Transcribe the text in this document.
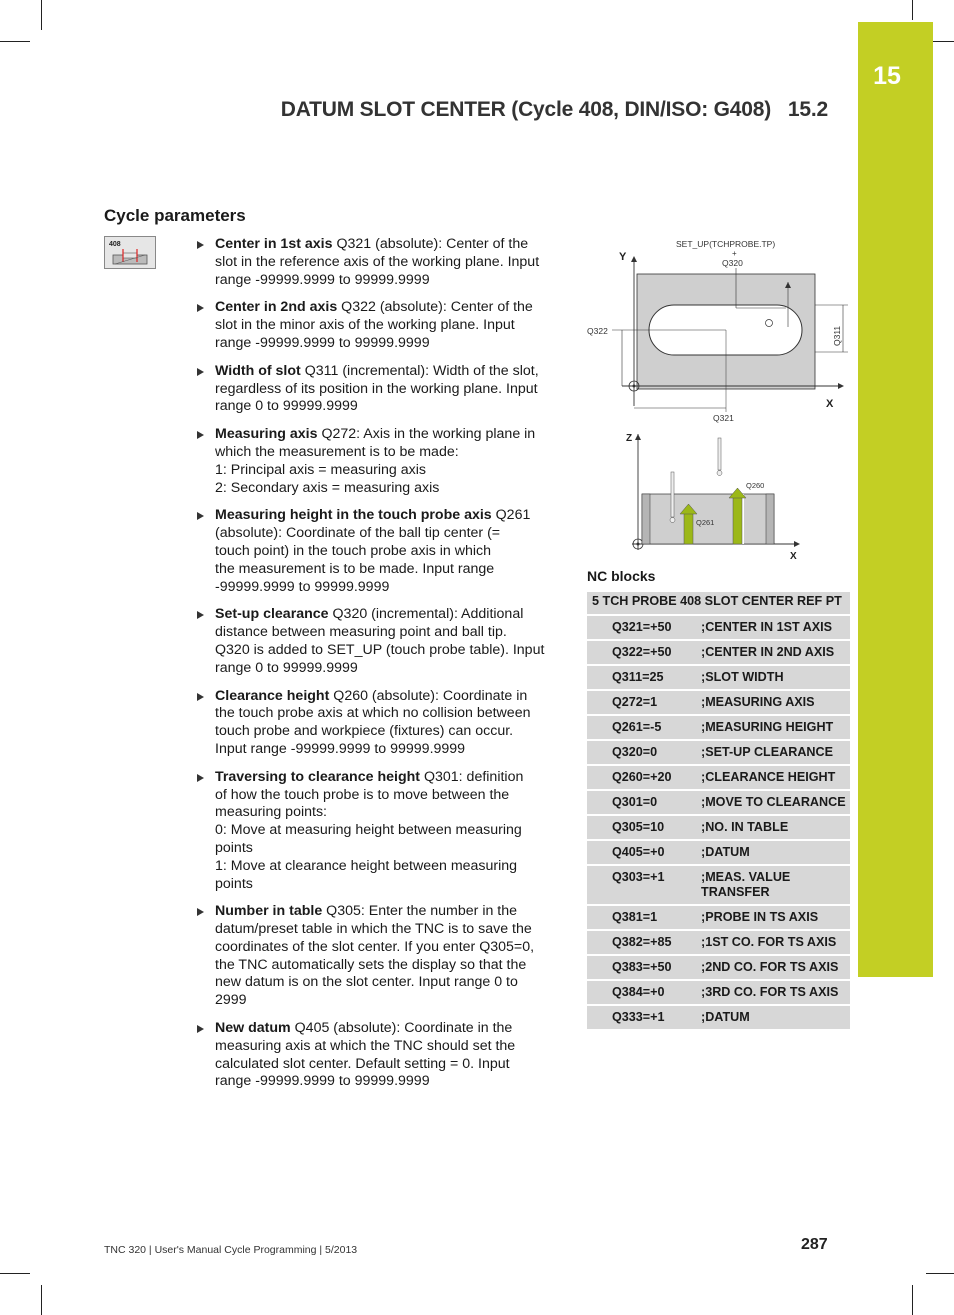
15
DATUM SLOT CENTER (Cycle 408, DIN/ISO: G408)   15.2
Cycle parameters
408	Center in 1st axis Q321 (absolute): Center of the
slot in the reference axis of the working plane. Input
range -99999.9999 to 99999.9999
Center in 2nd axis Q322 (absolute): Center of the
slot in the minor axis of the working plane. Input
range -99999.9999 to 99999.9999
Width of slot Q311 (incremental): Width of the slot,
regardless of its position in the working plane. Input
range 0 to 99999.9999
Measuring axis Q272: Axis in the working plane in
which the measurement is to be made:
1: Principal axis = measuring axis
2: Secondary axis = measuring axis
Measuring height in the touch probe axis Q261
(absolute): Coordinate of the ball tip center (=
touch point) in the touch probe axis in which
the measurement is to be made. Input range
-99999.9999 to 99999.9999
Set-up clearance Q320 (incremental): Additional
distance between measuring point and ball tip.
Q320 is added to SET_UP (touch probe table). Input
range 0 to 99999.9999
Clearance height Q260 (absolute): Coordinate in
the touch probe axis at which no collision between
touch probe and workpiece (fixtures) can occur.
Input range -99999.9999 to 99999.9999
Traversing to clearance height Q301: definition
of how the touch probe is to move between the
measuring points:
0: Move at measuring height between measuring
points
1: Move at clearance height between measuring
points
Number in table Q305: Enter the number in the
datum/preset table in which the TNC is to save the
coordinates of the slot center. If you enter Q305=0,
the TNC automatically sets the display so that the
new datum is on the slot center. Input range 0 to
2999
New datum Q405 (absolute): Coordinate in the
measuring axis at which the TNC should set the
calculated slot center. Default setting = 0. Input
range -99999.9999 to 99999.9999
Y
X
SET_UP(TCHPROBE.TP)
+
Q320
Q311
Q322
Q321
Z
X
Q260
Q261
NC blocks
5 TCH PROBE 408 SLOT CENTER REF PT	
Q321=+50	;CENTER IN 1ST AXIS
Q322=+50	;CENTER IN 2ND AXIS
Q311=25	;SLOT WIDTH
Q272=1	;MEASURING AXIS
Q261=-5	;MEASURING HEIGHT
Q320=0	;SET-UP CLEARANCE
Q260=+20	;CLEARANCE HEIGHT
Q301=0	;MOVE TO CLEARANCE
Q305=10	;NO. IN TABLE
Q405=+0	;DATUM
Q303=+1	;MEAS. VALUE TRANSFER
Q381=1	;PROBE IN TS AXIS
Q382=+85	;1ST CO. FOR TS AXIS
Q383=+50	;2ND CO. FOR TS AXIS
Q384=+0	;3RD CO. FOR TS AXIS
Q333=+1	;DATUM
TNC 320 | User's Manual Cycle Programming | 5/2013	287
